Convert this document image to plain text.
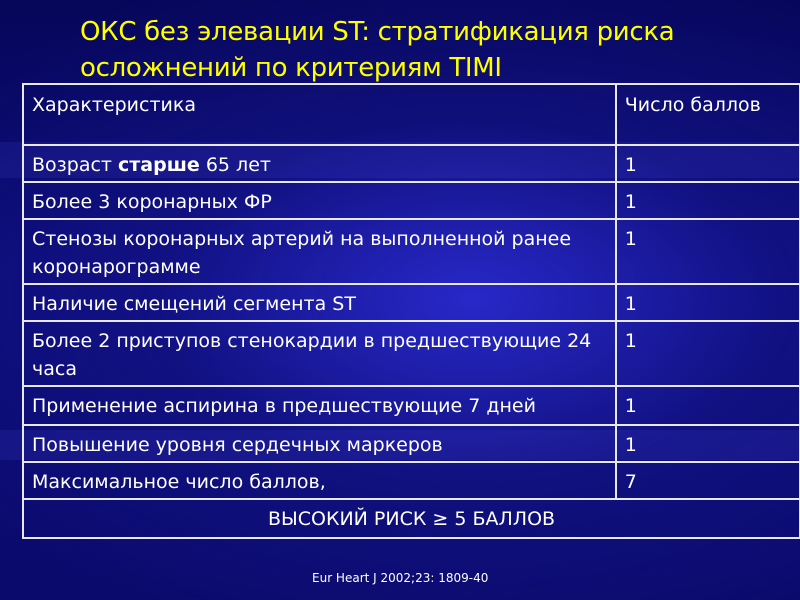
ОКС без элевации ST: стратификация риска осложнений по критериям TIMI
Характеристика	Число баллов
Возраст старше 65 лет	1
Более 3 коронарных ФР	1
Стенозы коронарных артерий на выполненной ранее коронарограмме	1
Наличие смещений сегмента ST	1
Более 2 приступов стенокардии в предшествующие 24 часа	1
Применение аспирина в предшествующие 7 дней	1
Повышение уровня сердечных маркеров	1
Максимальное число баллов,	7
ВЫСОКИЙ РИСК ≥ 5 БАЛЛОВ	
Eur Heart J 2002;23: 1809-40
